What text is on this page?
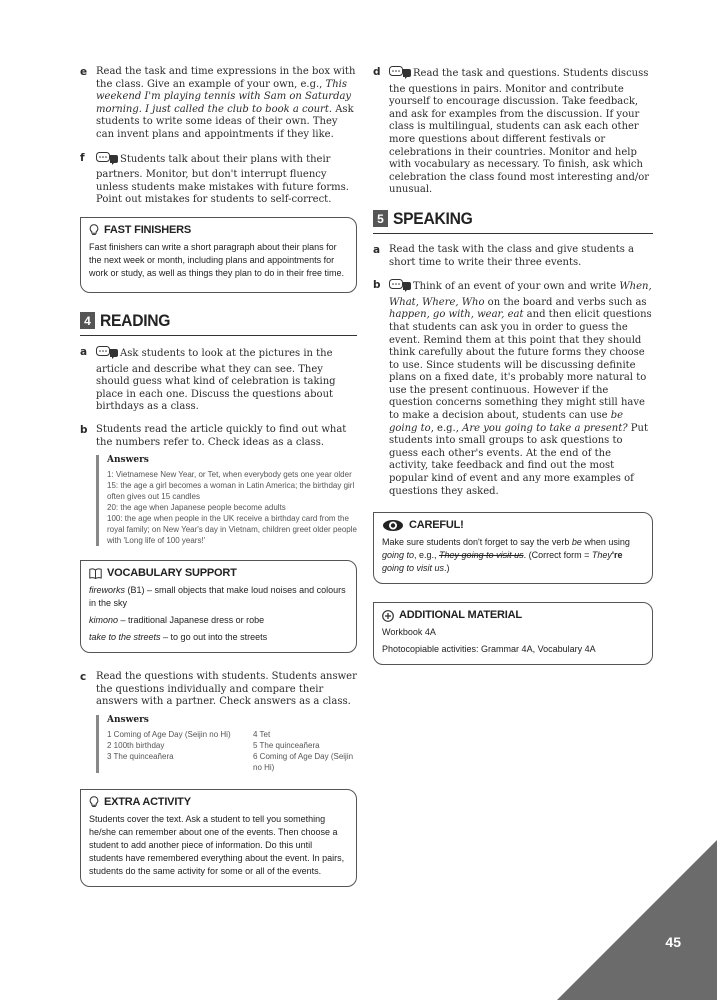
e Read the task and time expressions in the box with the class. Give an example of your own, e.g., This weekend I'm playing tennis with Sam on Saturday morning. I just called the club to book a court. Ask students to write some ideas of their own. They can invent plans and appointments if they like.
f	Students talk about their plans with their partners. Monitor, but don't interrupt fluency unless students make mistakes with future forms. Point out mistakes for students to self-correct.
FAST FINISHERS

Fast finishers can write a short paragraph about their plans for the next week or month, including plans and appointments for work or study, as well as things they plan to do in their free time.

4 READING
a	Ask students to look at the pictures in the article and describe what they can see. They should guess what kind of celebration is taking place in each one. Discuss the questions about birthdays as a class.
b Students read the article quickly to find out what the numbers refer to. Check ideas as a class.
Answers

1: Vietnamese New Year, or Tet, when everybody gets one year older

15: the age a girl becomes a woman in Latin America; the birthday girl often gives out 15 candles

20: the age when Japanese people become adults

100: the age when people in the UK receive a birthday card from the royal family; on New Year's day in Vietnam, children greet older people with 'Long life of 100 years!'

VOCABULARY SUPPORT

fireworks (B1) – small objects that make loud noises and colours in the sky

kimono – traditional Japanese dress or robe

take to the streets – to go out into the streets

c Read the questions with students. Students answer the questions individually and compare their answers with a partner. Check answers as a class.
Answers
1 Coming of Age Day (Seijin no Hi)	4 Tet
2 100th birthday	5 The quinceañera
3 The quinceañera	6 Coming of Age Day (Seijin no Hi)
EXTRA ACTIVITY

Students cover the text. Ask a student to tell you something he/she can remember about one of the events. Then choose a student to add another piece of information. Do this until students have remembered everything about the event. In pairs, students do the same activity for some or all of the events.

d	Read the task and questions. Students discuss the questions in pairs. Monitor and contribute yourself to encourage discussion. Take feedback, and ask for examples from the discussion. If your class is multilingual, students can ask each other more questions about different festivals or celebrations in their countries. Monitor and help with vocabulary as necessary. To finish, ask which celebration the class found most interesting and/or unusual.
5 SPEAKING
a Read the task with the class and give students a short time to write their three events.
b	Think of an event of your own and write When, What, Where, Who on the board and verbs such as happen, go with, wear, eat and then elicit questions that students can ask you in order to guess the event. Remind them at this point that they should think carefully about the future forms they choose to use. Since students will be discussing definite plans on a fixed date, it's probably more natural to use the present continuous. However if the question concerns something they might still have to make a decision about, students can use be going to, e.g., Are you going to take a present? Put students into small groups to ask questions to guess each other's events. At the end of the activity, take feedback and find out the most popular kind of event and any more examples of questions they asked.
CAREFUL!

Make sure students don't forget to say the verb be when using going to, e.g., They going to visit us. (Correct form = They're going to visit us.)

ADDITIONAL MATERIAL

Workbook 4A

Photocopiable activities: Grammar 4A, Vocabulary 4A

45
